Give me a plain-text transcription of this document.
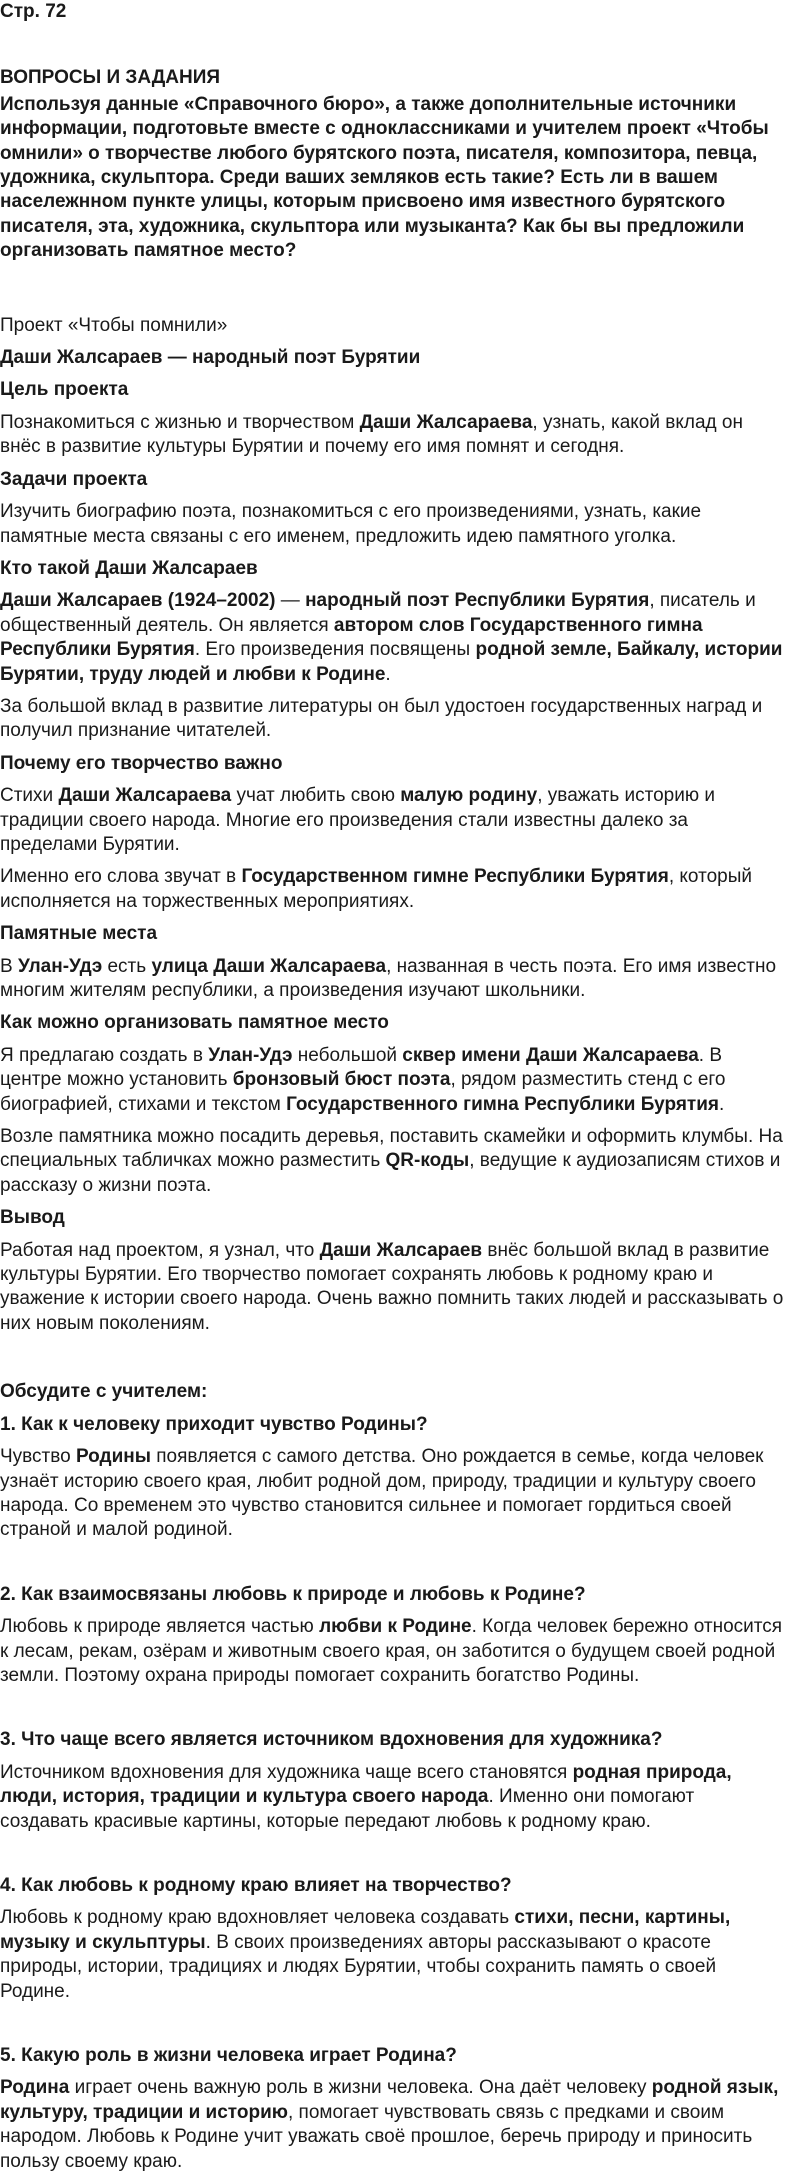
Стр. 72
ВОПРОСЫ И ЗАДАНИЯ
Используя данные «Справочного бюро», а также дополнительные источники информации, подготовьте вместе с одноклассниками и учителем проект «Чтобы омнили» о творчестве любого бурятского поэта, писателя, композитора, певца, удожника, скульптора. Среди ваших земляков есть такие? Есть ли в вашем насележнном пункте улицы, которым присвоено имя известного бурятского писателя, эта, художника, скульптора или музыканта? Как бы вы предложили организовать памятное место?
Проект «Чтобы помнили»
Даши Жалсараев — народный поэт Бурятии
Цель проекта
Познакомиться с жизнью и творчеством Даши Жалсараева, узнать, какой вклад он внёс в развитие культуры Бурятии и почему его имя помнят и сегодня.
Задачи проекта
Изучить биографию поэта, познакомиться с его произведениями, узнать, какие памятные места связаны с его именем, предложить идею памятного уголка.
Кто такой Даши Жалсараев
Даши Жалсараев (1924–2002) — народный поэт Республики Бурятия, писатель и общественный деятель. Он является автором слов Государственного гимна Республики Бурятия. Его произведения посвящены родной земле, Байкалу, истории Бурятии, труду людей и любви к Родине.
За большой вклад в развитие литературы он был удостоен государственных наград и получил признание читателей.
Почему его творчество важно
Стихи Даши Жалсараева учат любить свою малую родину, уважать историю и традиции своего народа. Многие его произведения стали известны далеко за пределами Бурятии.
Именно его слова звучат в Государственном гимне Республики Бурятия, который исполняется на торжественных мероприятиях.
Памятные места
В Улан-Удэ есть улица Даши Жалсараева, названная в честь поэта. Его имя известно многим жителям республики, а произведения изучают школьники.
Как можно организовать памятное место
Я предлагаю создать в Улан-Удэ небольшой сквер имени Даши Жалсараева. В центре можно установить бронзовый бюст поэта, рядом разместить стенд с его биографией, стихами и текстом Государственного гимна Республики Бурятия.
Возле памятника можно посадить деревья, поставить скамейки и оформить клумбы. На специальных табличках можно разместить QR-коды, ведущие к аудиозаписям стихов и рассказу о жизни поэта.
Вывод
Работая над проектом, я узнал, что Даши Жалсараев внёс большой вклад в развитие культуры Бурятии. Его творчество помогает сохранять любовь к родному краю и уважение к истории своего народа. Очень важно помнить таких людей и рассказывать о них новым поколениям.
Обсудите с учителем:
1. Как к человеку приходит чувство Родины?
Чувство Родины появляется с самого детства. Оно рождается в семье, когда человек узнаёт историю своего края, любит родной дом, природу, традиции и культуру своего народа. Со временем это чувство становится сильнее и помогает гордиться своей страной и малой родиной.
2. Как взаимосвязаны любовь к природе и любовь к Родине?
Любовь к природе является частью любви к Родине. Когда человек бережно относится к лесам, рекам, озёрам и животным своего края, он заботится о будущем своей родной земли. Поэтому охрана природы помогает сохранить богатство Родины.
3. Что чаще всего является источником вдохновения для художника?
Источником вдохновения для художника чаще всего становятся родная природа, люди, история, традиции и культура своего народа. Именно они помогают создавать красивые картины, которые передают любовь к родному краю.
4. Как любовь к родному краю влияет на творчество?
Любовь к родному краю вдохновляет человека создавать стихи, песни, картины, музыку и скульптуры. В своих произведениях авторы рассказывают о красоте природы, истории, традициях и людях Бурятии, чтобы сохранить память о своей Родине.
5. Какую роль в жизни человека играет Родина?
Родина играет очень важную роль в жизни человека. Она даёт человеку родной язык, культуру, традиции и историю, помогает чувствовать связь с предками и своим народом. Любовь к Родине учит уважать своё прошлое, беречь природу и приносить пользу своему краю.
